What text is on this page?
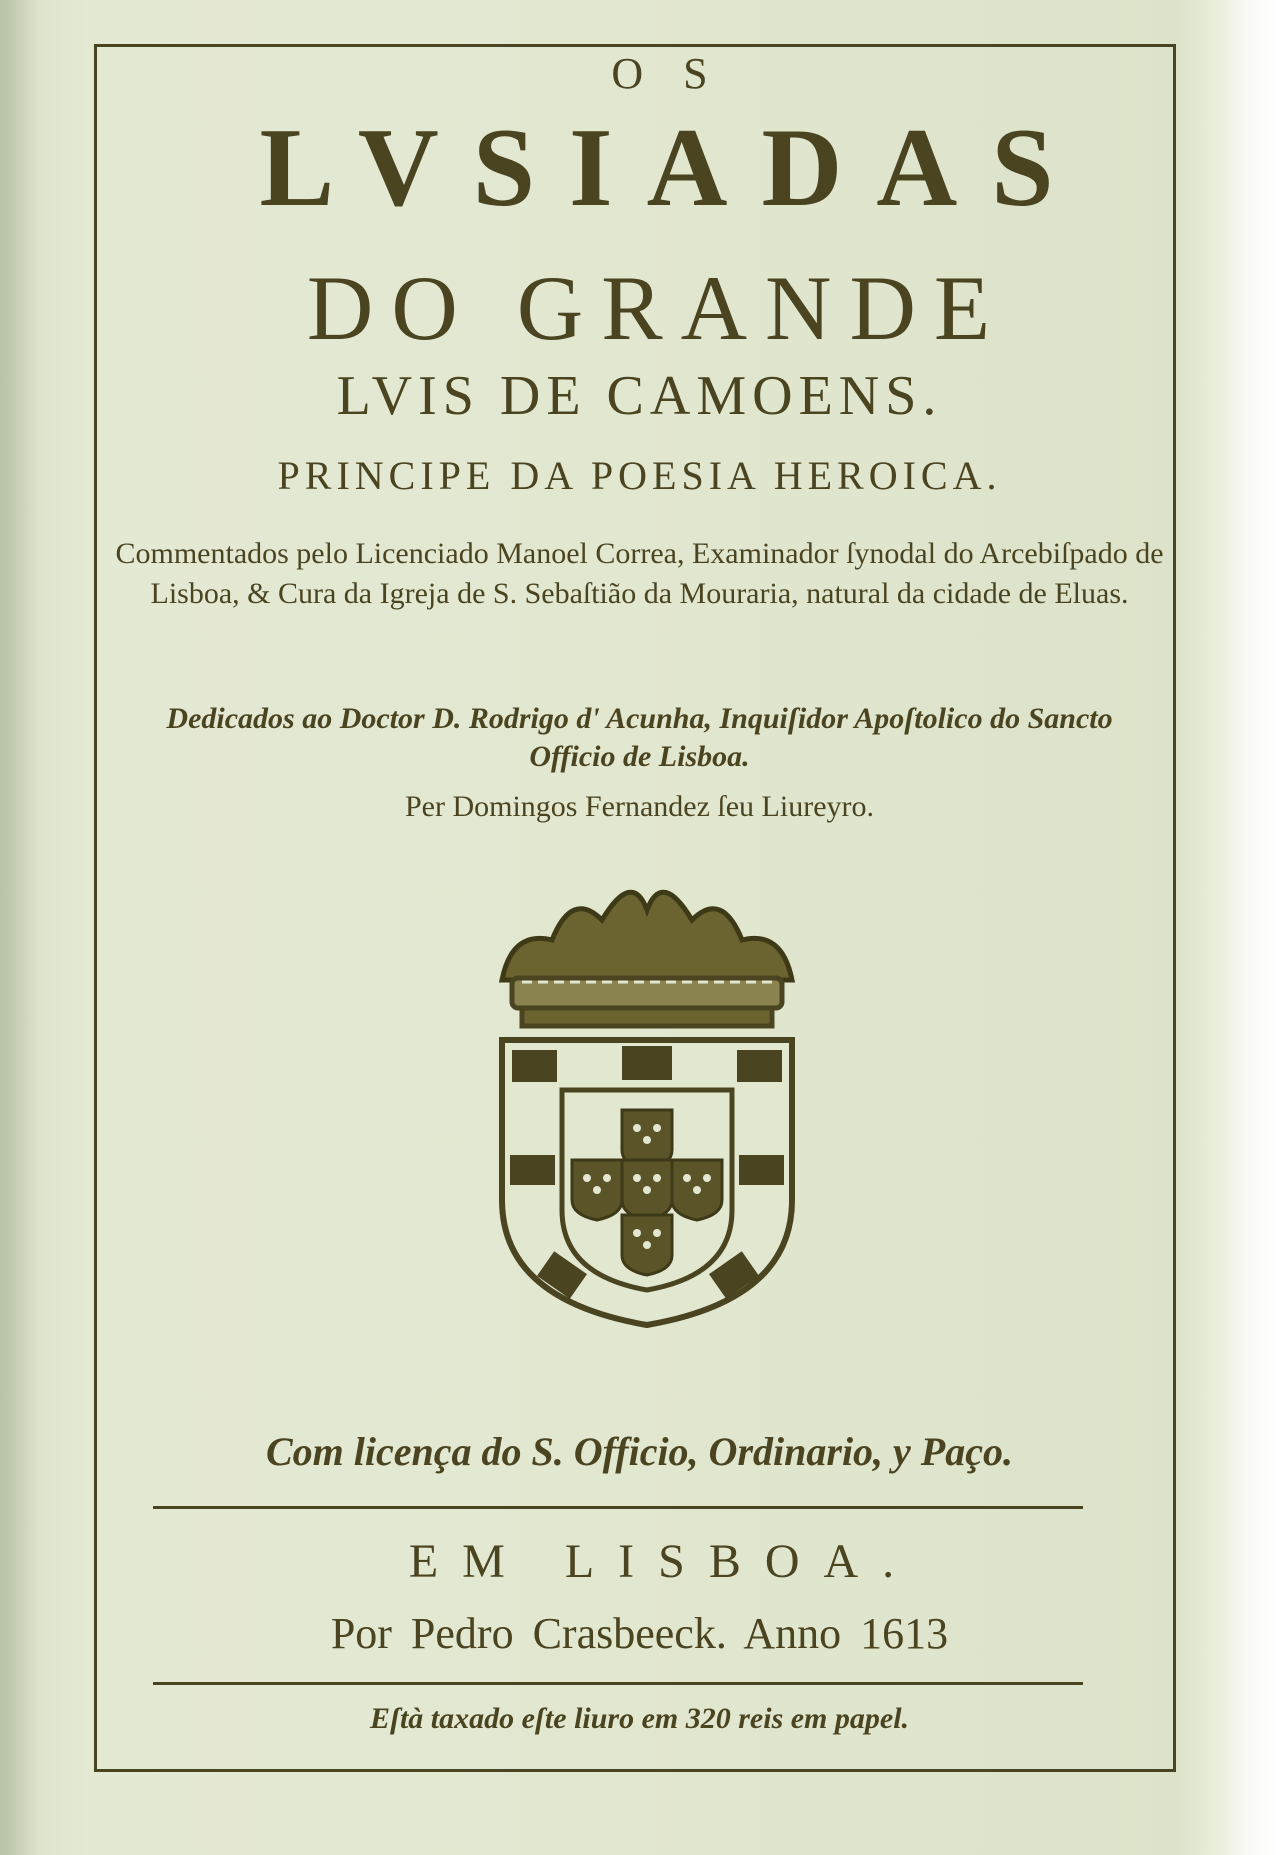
OS
LVSIADAS
DO GRANDE
LVIS DE CAMOENS.
PRINCIPE DA POESIA HEROICA.
Commentados pelo Licenciado Manoel Correa, Examinador ſynodal do Arcebiſpado de Lisboa, & Cura da Igreja de S. Sebaſtião da Mouraria, natural da cidade de Eluas.
Dedicados ao Doctor D. Rodrigo d' Acunha, Inquiſidor Apoſtolico do Sancto Officio de Lisboa.
Per Domingos Fernandez ſeu Liureyro.
Com licença do S. Officio, Ordinario, y Paço.
EM LISBOA.
Por Pedro Crasbeeck. Anno 1613
Eſtà taxado eſte liuro em 320 reis em papel.
